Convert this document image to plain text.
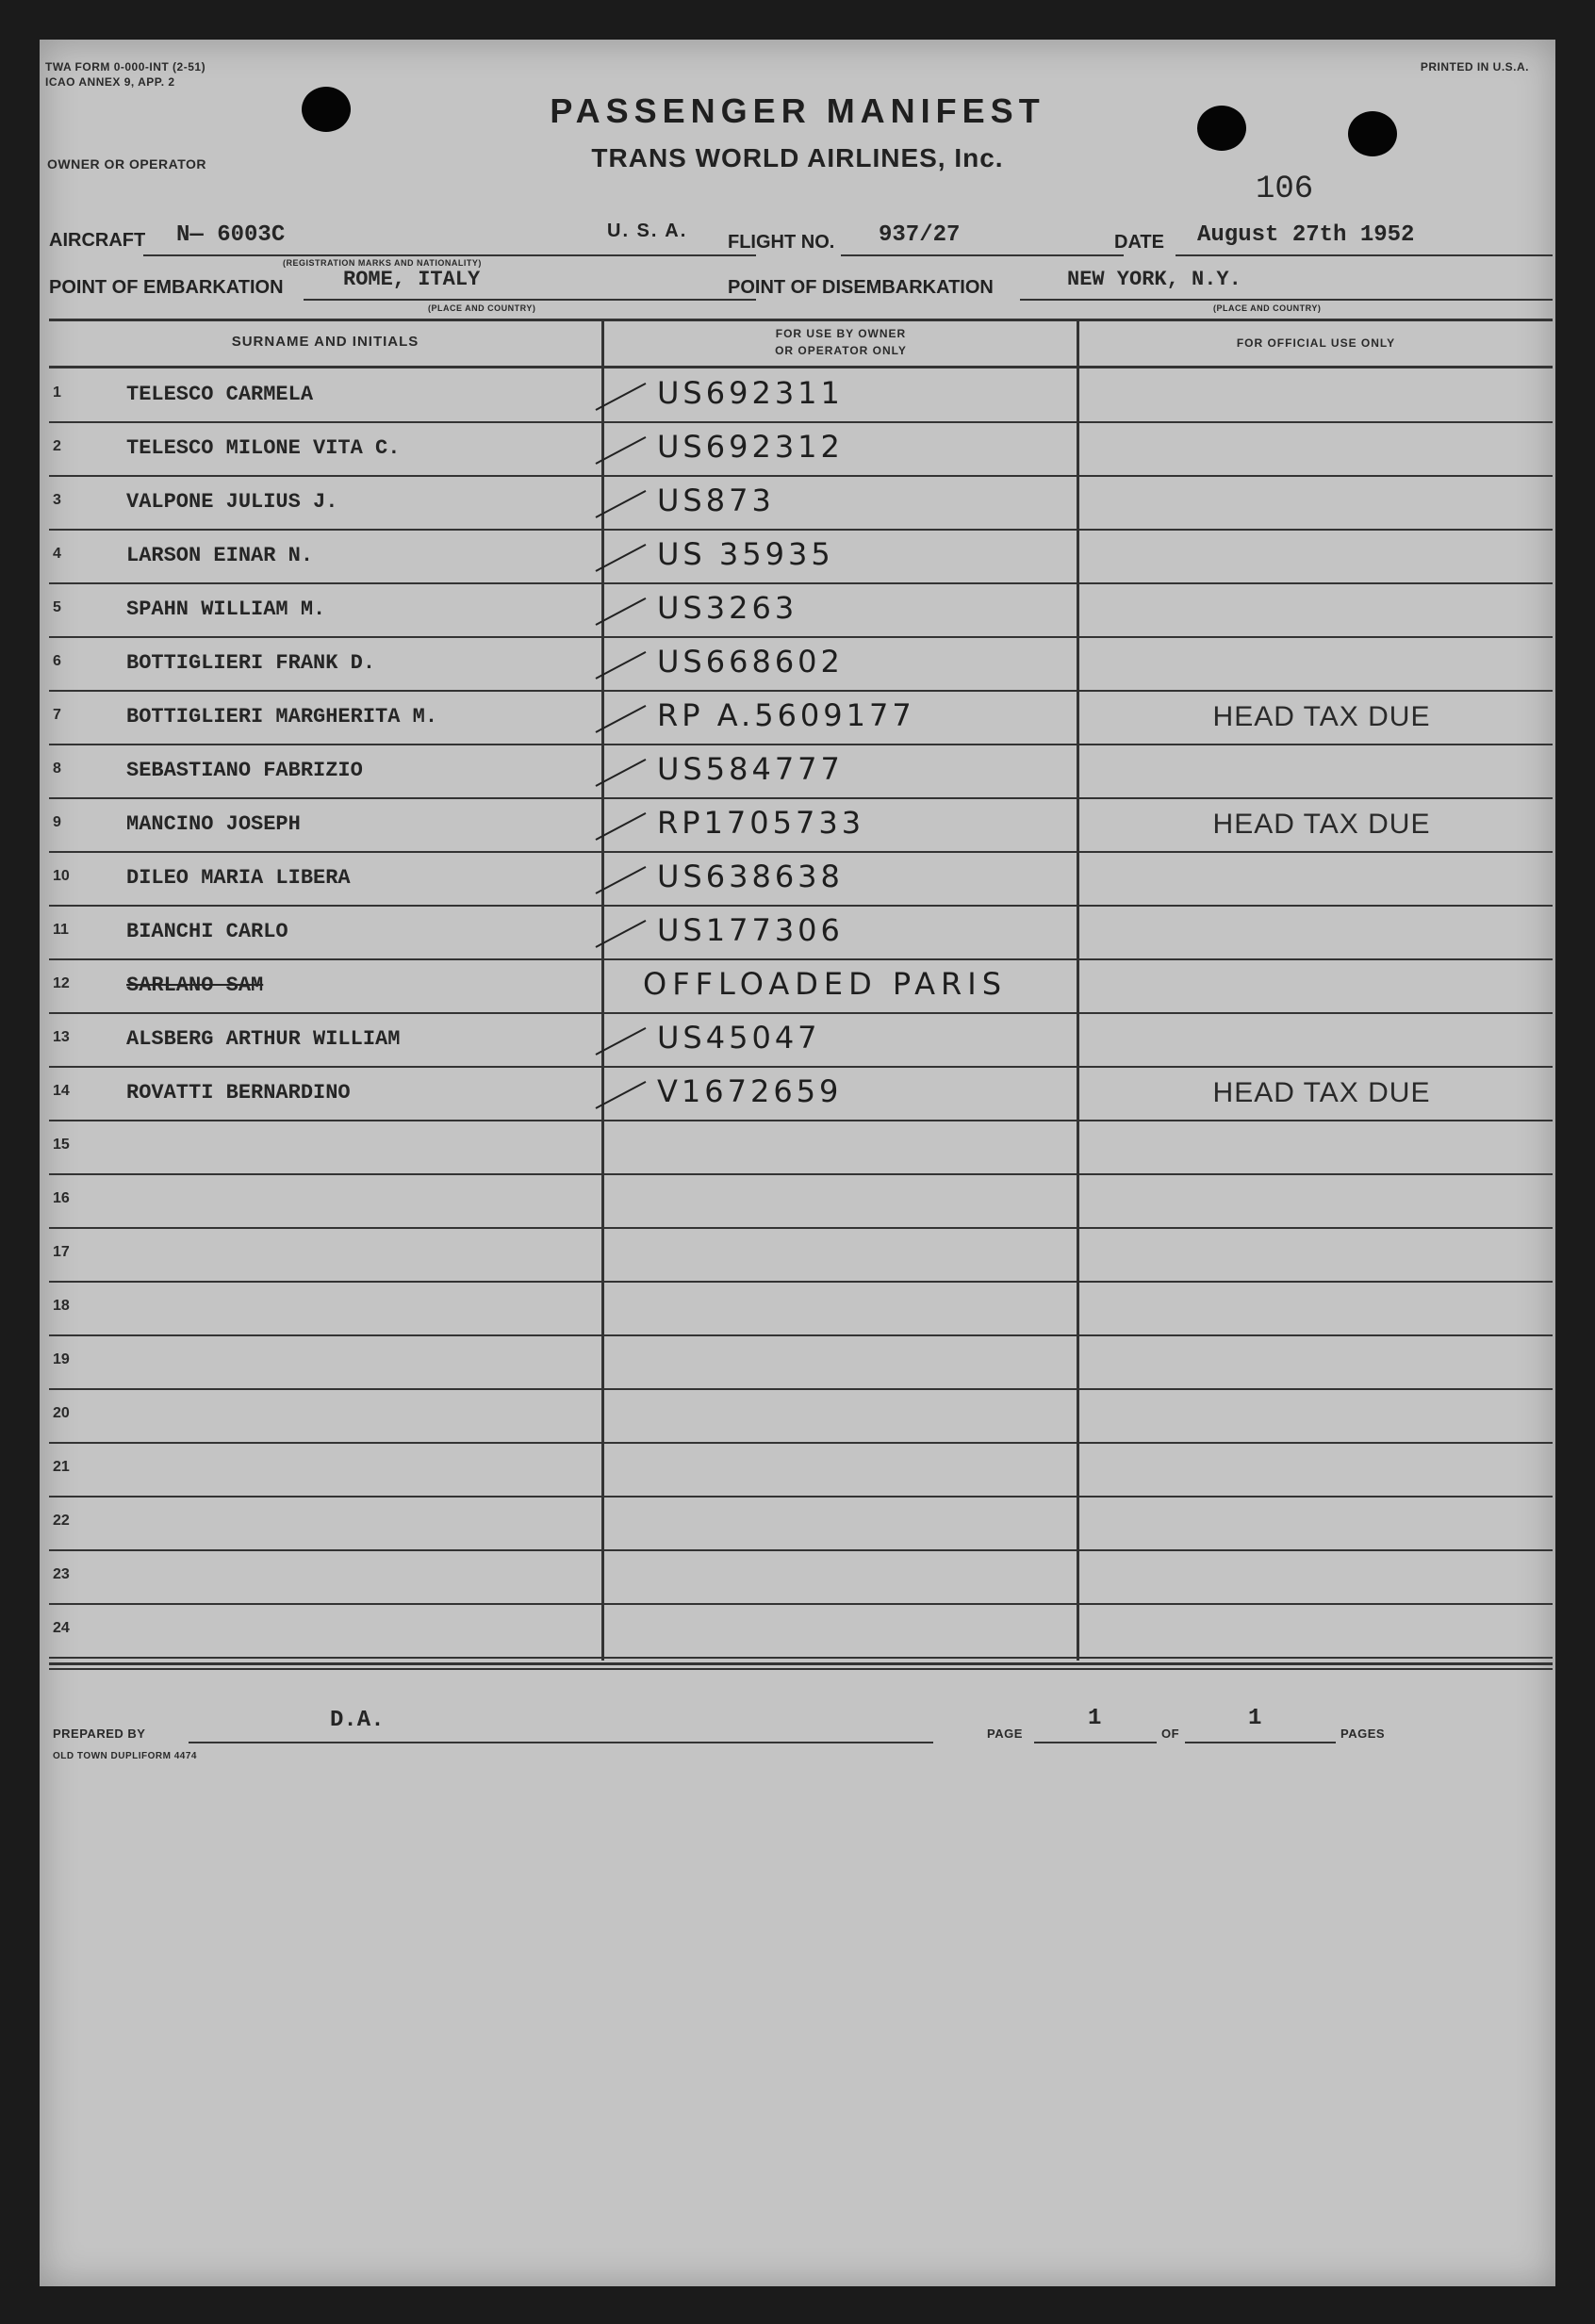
TWA FORM 0-000-INT (2-51)
ICAO ANNEX 9, APP. 2
PRINTED IN U.S.A.
OWNER OR OPERATOR
PASSENGER MANIFEST
TRANS WORLD AIRLINES, Inc.
106
AIRCRAFT N— 6003C
(REGISTRATION MARKS AND NATIONALITY)
U. S. A.
FLIGHT NO. 937/27	DATE August 27th 1952
POINT OF EMBARKATION	ROME, ITALY
(PLACE AND COUNTRY)
POINT OF DISEMBARKATION	NEW YORK, N.Y.
(PLACE AND COUNTRY)
SURNAME AND INITIALS	FOR USE BY OWNER
OR OPERATOR ONLY
FOR OFFICIAL USE ONLY
1	TELESCO CARMELA	US692311
2	TELESCO MILONE VITA C.	US692312
3	VALPONE JULIUS J.	US873
4	LARSON EINAR N.	US 35935
5	SPAHN WILLIAM M.	US3263
6	BOTTIGLIERI FRANK D.	US668602
7	BOTTIGLIERI MARGHERITA M.	RP A.5609177	HEAD TAX DUE
8	SEBASTIANO FABRIZIO	US584777
9	MANCINO JOSEPH	RP1705733	HEAD TAX DUE
10	DILEO MARIA LIBERA	US638638
11	BIANCHI CARLO	US177306
12	SARLANO SAM	OFFLOADED PARIS
13	ALSBERG ARTHUR WILLIAM	US45047
14	ROVATTI BERNARDINO	V1672659	HEAD TAX DUE
15
16
17
18
19
20
21
22
23
24
PREPARED BY
D.A.
PAGE
1
OF
1
PAGES
OLD TOWN DUPLIFORM 4474
